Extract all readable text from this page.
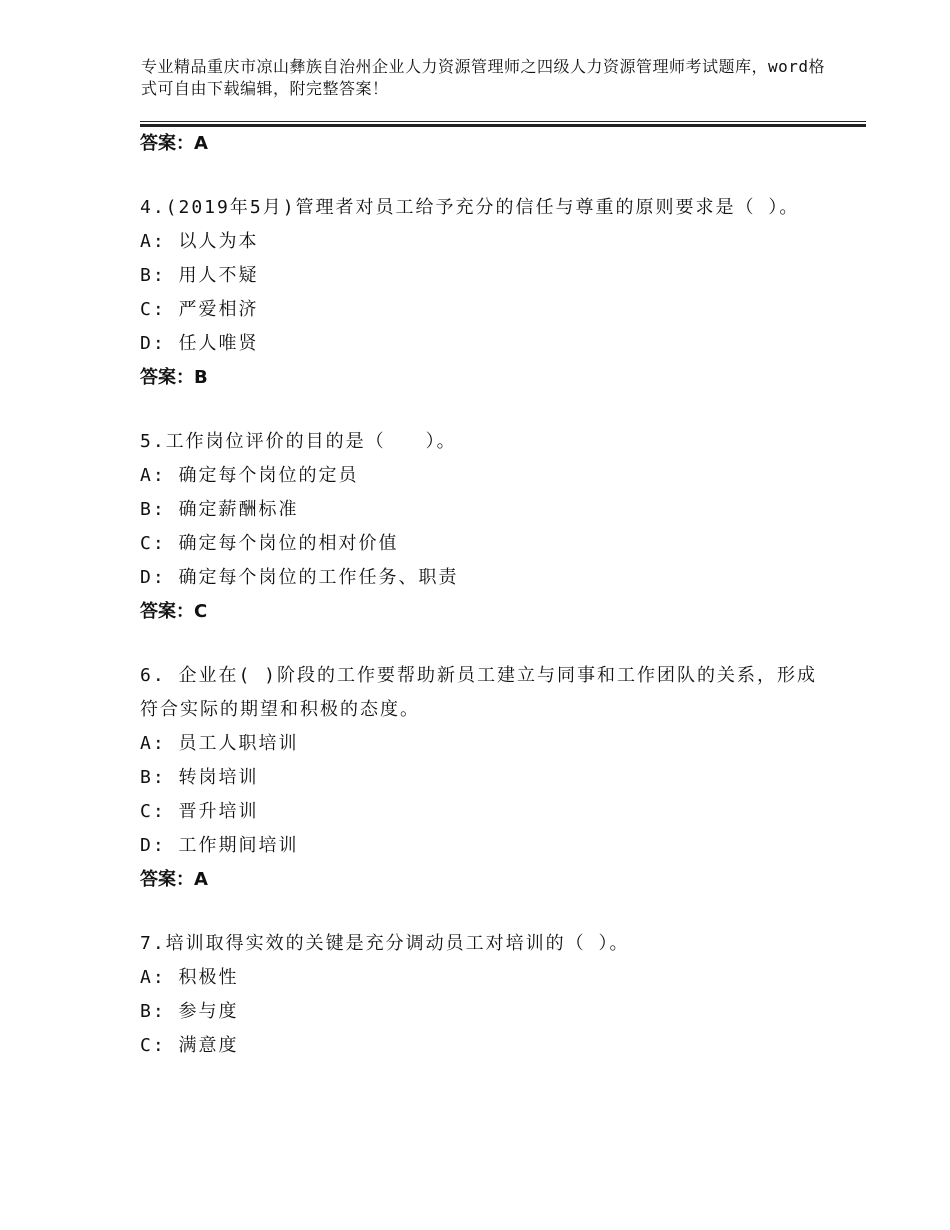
专业精品重庆市凉山彝族自治州企业人力资源管理师之四级人力资源管理师考试题库，word格式可自由下载编辑，附完整答案！
答案：A
4.(2019年5月)管理者对员工给予充分的信任与尊重的原则要求是（ ）。
A: 以人为本
B: 用人不疑
C: 严爱相济
D: 任人唯贤
答案：B
5.工作岗位评价的目的是（　　）。
A: 确定每个岗位的定员
B: 确定薪酬标准
C: 确定每个岗位的相对价值
D: 确定每个岗位的工作任务、职责
答案：C
6. 企业在( )阶段的工作要帮助新员工建立与同事和工作团队的关系，形成符合实际的期望和积极的态度。
A: 员工人职培训
B: 转岗培训
C: 晋升培训
D: 工作期间培训
答案：A
7.培训取得实效的关键是充分调动员工对培训的（ ）。
A: 积极性
B: 参与度
C: 满意度
